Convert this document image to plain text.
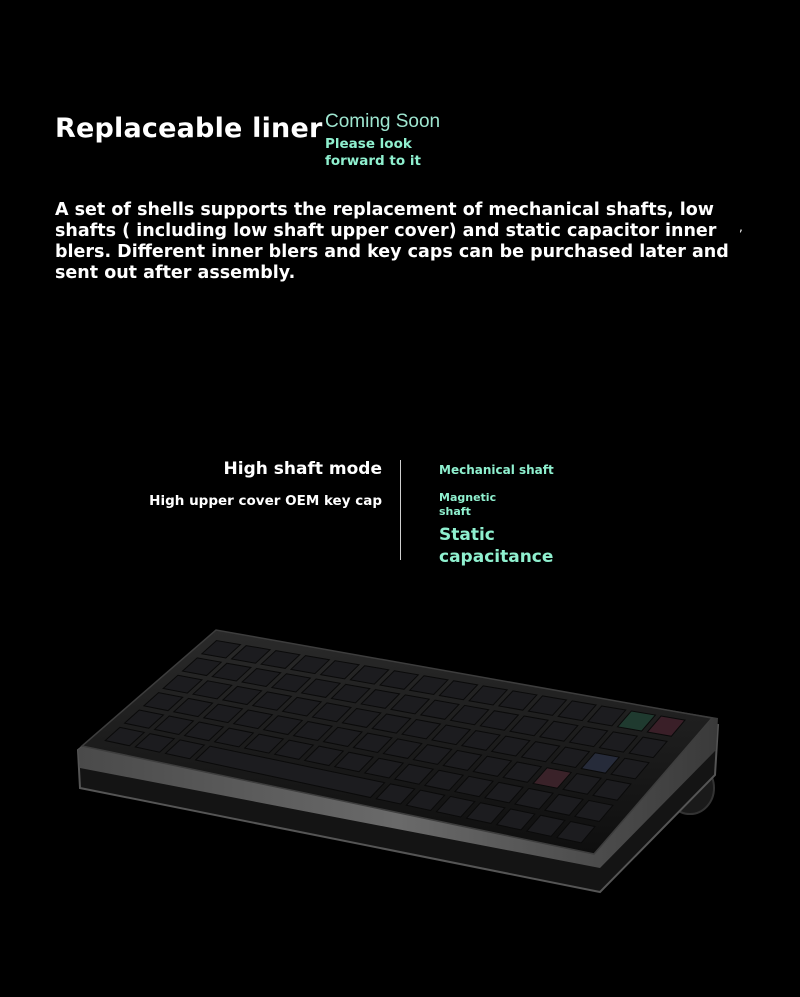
Replaceable liner Coming Soon
Please look forward to it
A set of shells supports the replacement of mechanical shafts, low shafts ( including low shaft upper cover) and static capacitor inner blers. Different inner blers and key caps can be purchased later and sent out after assembly.
,
High shaft mode
High upper cover OEM key cap
Mechanical shaft
Magnetic shaft
Static capacitance
